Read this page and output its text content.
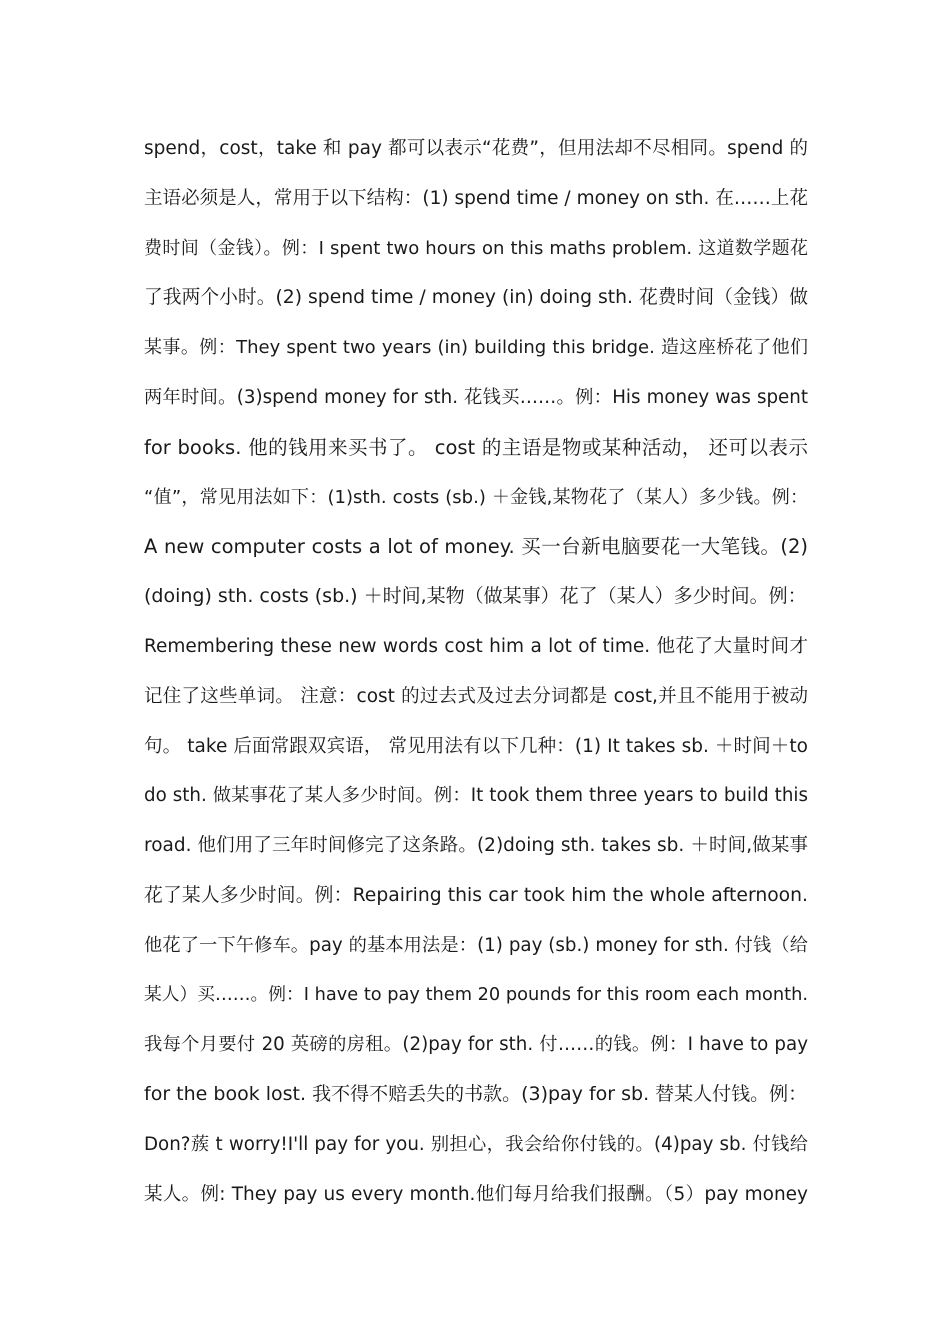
spend，cost，take 和 pay 都可以表示“花费”，但用法却不尽相同。spend 的
主语必须是人，常用于以下结构：(1) spend time / money on sth. 在……上花
费时间（金钱）。例：I spent two hours on this maths problem. 这道数学题花
了我两个小时。(2) spend time / money (in) doing sth. 花费时间（金钱）做
某事。例：They spent two years (in) building this bridge. 造这座桥花了他们
两年时间。(3)spend money for sth. 花钱买……。例：His money was spent
for books. 他的钱用来买书了。 cost 的主语是物或某种活动， 还可以表示
“值”，常见用法如下：(1)sth. costs (sb.) ＋金钱,某物花了（某人）多少钱。例：
A new computer costs a lot of money. 买一台新电脑要花一大笔钱。(2)
(doing) sth. costs (sb.) ＋时间,某物（做某事）花了（某人）多少时间。例：
Remembering these new words cost him a lot of time. 他花了大量时间才
记住了这些单词。 注意：cost 的过去式及过去分词都是 cost,并且不能用于被动
句。 take 后面常跟双宾语， 常见用法有以下几种：(1) It takes sb. ＋时间＋to
do sth. 做某事花了某人多少时间。例：It took them three years to build this
road. 他们用了三年时间修完了这条路。(2)doing sth. takes sb. ＋时间,做某事
花了某人多少时间。例：Repairing this car took him the whole afternoon.
他花了一下午修车。pay 的基本用法是：(1) pay (sb.) money for sth. 付钱（给
某人）买……。例：I have to pay them 20 pounds for this room each month.
我每个月要付 20 英磅的房租。(2)pay for sth. 付……的钱。例：I have to pay
for the book lost. 我不得不赔丢失的书款。(3)pay for sb. 替某人付钱。例：
Don?蔟 t worry!I'll pay for you. 别担心，我会给你付钱的。(4)pay sb. 付钱给
某人。例: They pay us every month.他们每月给我们报酬。（5）pay money
